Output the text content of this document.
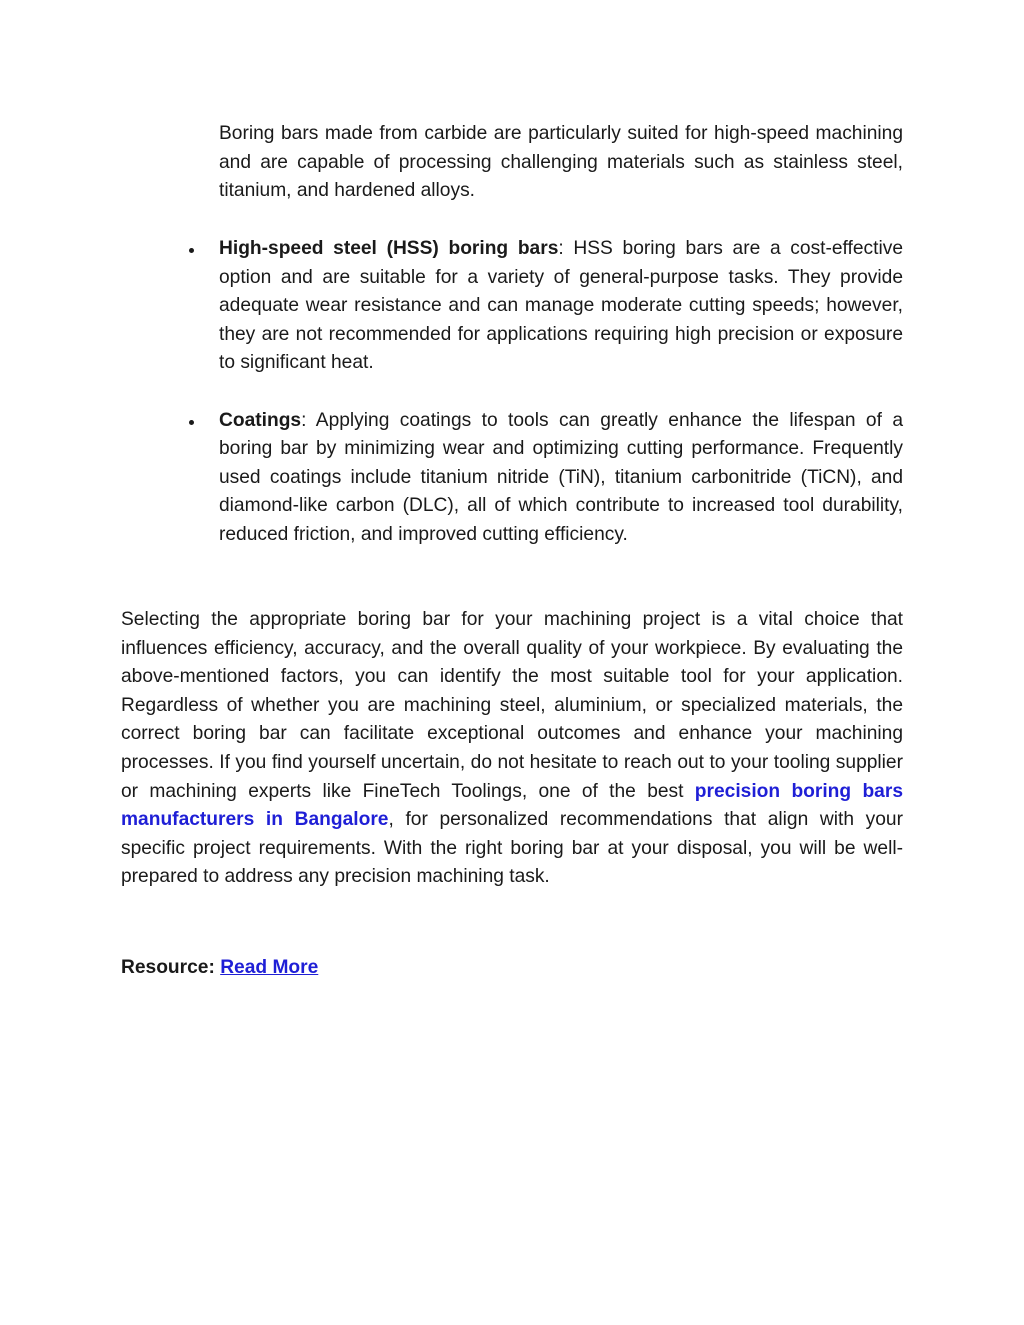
Boring bars made from carbide are particularly suited for high-speed machining and are capable of processing challenging materials such as stainless steel, titanium, and hardened alloys.

High-speed steel (HSS) boring bars: HSS boring bars are a cost-effective option and are suitable for a variety of general-purpose tasks. They provide adequate wear resistance and can manage moderate cutting speeds; however, they are not recommended for applications requiring high precision or exposure to significant heat.
Coatings: Applying coatings to tools can greatly enhance the lifespan of a boring bar by minimizing wear and optimizing cutting performance. Frequently used coatings include titanium nitride (TiN), titanium carbonitride (TiCN), and diamond-like carbon (DLC), all of which contribute to increased tool durability, reduced friction, and improved cutting efficiency.

Selecting the appropriate boring bar for your machining project is a vital choice that influences efficiency, accuracy, and the overall quality of your workpiece. By evaluating the above-mentioned factors, you can identify the most suitable tool for your application. Regardless of whether you are machining steel, aluminium, or specialized materials, the correct boring bar can facilitate exceptional outcomes and enhance your machining processes. If you find yourself uncertain, do not hesitate to reach out to your tooling supplier or machining experts like FineTech Toolings, one of the best precision boring bars manufacturers in Bangalore, for personalized recommendations that align with your specific project requirements. With the right boring bar at your disposal, you will be well-prepared to address any precision machining task.

Resource: Read More
